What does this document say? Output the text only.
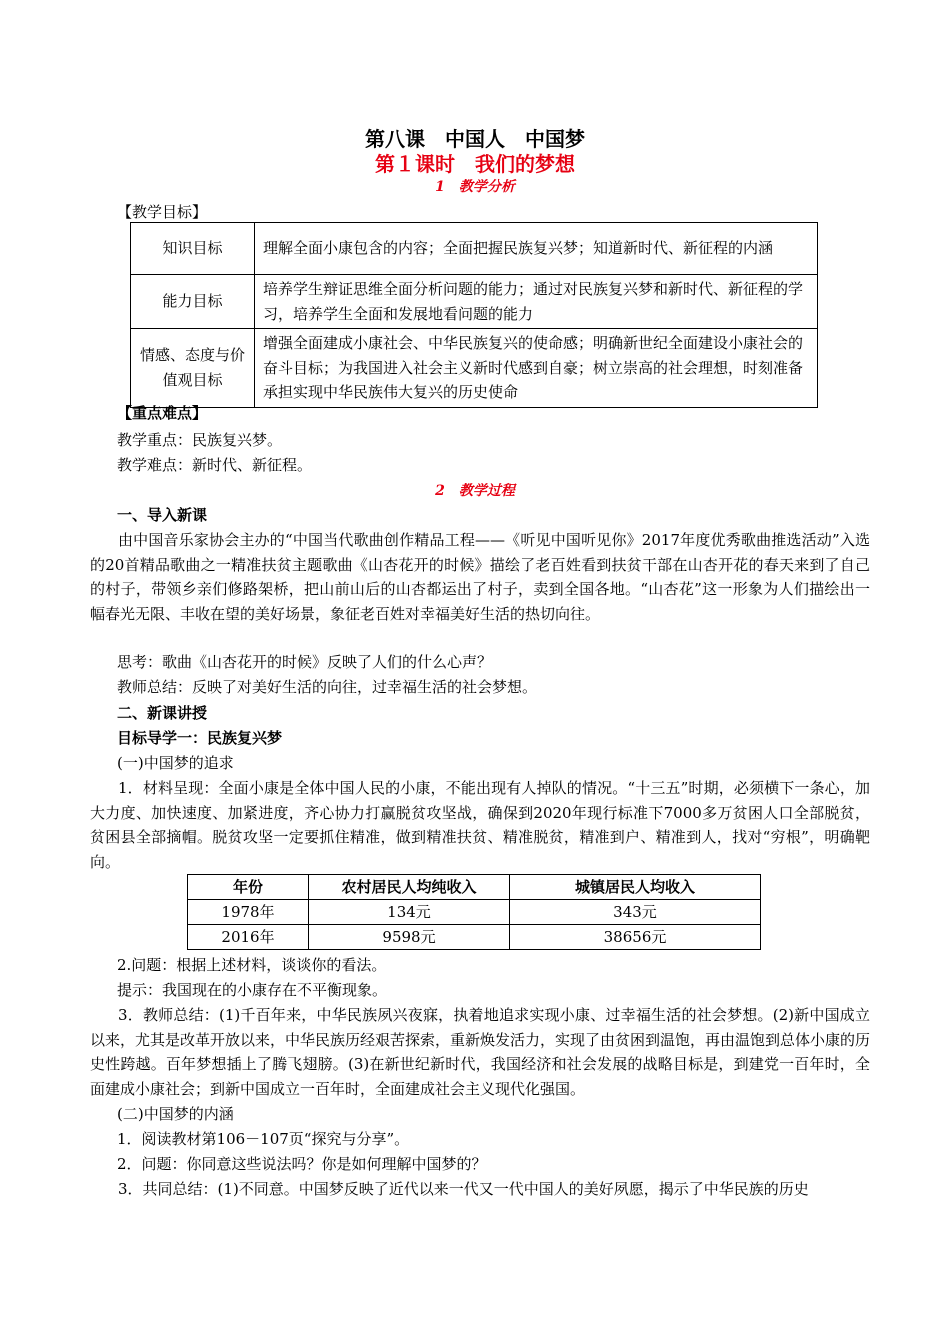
第八课　中国人　中国梦
第１课时　我们的梦想
1　教学分析
【教学目标】
知识目标	理解全面小康包含的内容；全面把握民族复兴梦；知道新时代、新征程的内涵
能力目标	培养学生辩证思维全面分析问题的能力；通过对民族复兴梦和新时代、新征程的学习，培养学生全面和发展地看问题的能力
情感、态度与价值观目标	增强全面建成小康社会、中华民族复兴的使命感；明确新世纪全面建设小康社会的奋斗目标；为我国进入社会主义新时代感到自豪；树立崇高的社会理想，时刻准备承担实现中华民族伟大复兴的历史使命
【重点难点】
教学重点：民族复兴梦。
教学难点：新时代、新征程。
2　教学过程
一、导入新课
由中国音乐家协会主办的“中国当代歌曲创作精品工程——《听见中国听见你》2017年度优秀歌曲推选活动”入选的20首精品歌曲之一精准扶贫主题歌曲《山杏花开的时候》描绘了老百姓看到扶贫干部在山杏开花的春天来到了自己的村子，带领乡亲们修路架桥，把山前山后的山杏都运出了村子，卖到全国各地。“山杏花”这一形象为人们描绘出一幅春光无限、丰收在望的美好场景，象征老百姓对幸福美好生活的热切向往。
思考：歌曲《山杏花开的时候》反映了人们的什么心声？
教师总结：反映了对美好生活的向往，过幸福生活的社会梦想。
二、新课讲授
目标导学一：民族复兴梦
(一)中国梦的追求
1．材料呈现：全面小康是全体中国人民的小康，不能出现有人掉队的情况。“十三五”时期，必须横下一条心，加大力度、加快速度、加紧进度，齐心协力打赢脱贫攻坚战，确保到2020年现行标准下7000多万贫困人口全部脱贫，贫困县全部摘帽。脱贫攻坚一定要抓住精准，做到精准扶贫、精准脱贫，精准到户、精准到人，找对“穷根”，明确靶向。
年份	农村居民人均纯收入	城镇居民人均收入
1978年	134元	343元
2016年	9598元	38656元
2.问题：根据上述材料，谈谈你的看法。
提示：我国现在的小康存在不平衡现象。
3．教师总结：(1)千百年来，中华民族夙兴夜寐，执着地追求实现小康、过幸福生活的社会梦想。(2)新中国成立以来，尤其是改革开放以来，中华民族历经艰苦探索，重新焕发活力，实现了由贫困到温饱，再由温饱到总体小康的历史性跨越。百年梦想插上了腾飞翅膀。(3)在新世纪新时代，我国经济和社会发展的战略目标是，到建党一百年时，全面建成小康社会；到新中国成立一百年时，全面建成社会主义现代化强国。
(二)中国梦的内涵
1．阅读教材第106－107页“探究与分享”。
2．问题：你同意这些说法吗？你是如何理解中国梦的？
3．共同总结：(1)不同意。中国梦反映了近代以来一代又一代中国人的美好夙愿，揭示了中华民族的历史
